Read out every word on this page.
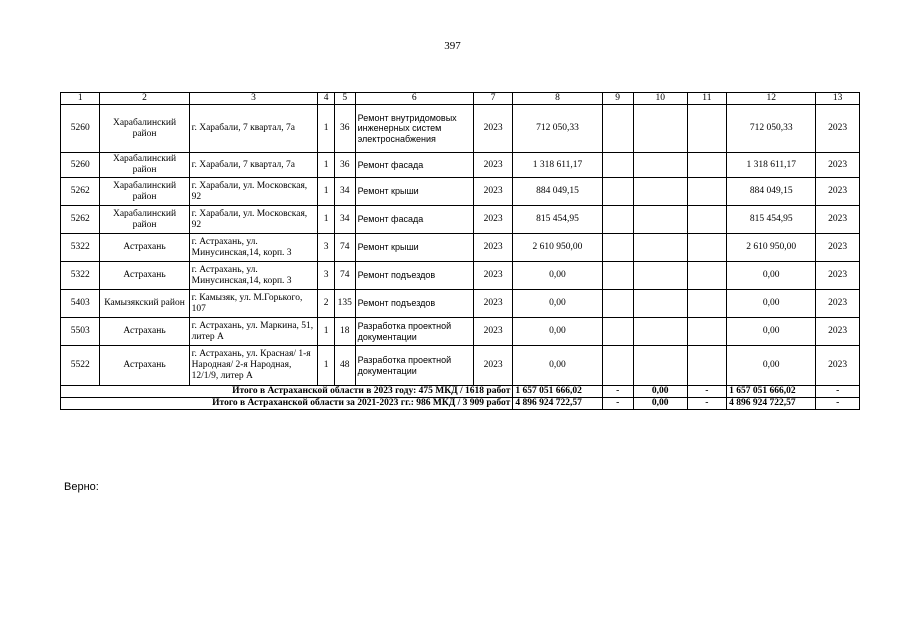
397
1	2	3	4	5	6	7	8	9	10	11	12	13
5260	Харабалинский район	г. Харабали, 7 квартал, 7а	1	36	Ремонт внутридомовых инженерных систем электроснабжения	2023	712 050,33				712 050,33	2023
5260	Харабалинский район	г. Харабали, 7 квартал, 7а	1	36	Ремонт фасада	2023	1 318 611,17				1 318 611,17	2023
5262	Харабалинский район	г. Харабали, ул. Московская, 92	1	34	Ремонт крыши	2023	884 049,15				884 049,15	2023
5262	Харабалинский район	г. Харабали, ул. Московская, 92	1	34	Ремонт фасада	2023	815 454,95				815 454,95	2023
5322	Астрахань	г. Астрахань, ул. Минусинская,14, корп. 3	3	74	Ремонт крыши	2023	2 610 950,00				2 610 950,00	2023
5322	Астрахань	г. Астрахань, ул. Минусинская,14, корп. 3	3	74	Ремонт подъездов	2023	0,00				0,00	2023
5403	Камызякский район	г. Камызяк, ул. М.Горького, 107	2	135	Ремонт подъездов	2023	0,00				0,00	2023
5503	Астрахань	г. Астрахань, ул. Маркина, 51, литер А	1	18	Разработка проектной документации	2023	0,00				0,00	2023
5522	Астрахань	г. Астрахань, ул. Красная/ 1-я Народная/ 2-я Народная, 12/1/9, литер А	1	48	Разработка проектной документации	2023	0,00				0,00	2023
Итого в Астраханской области в 2023 году: 475 МКД / 1618 работ							1 657 051 666,02	-	0,00	-	1 657 051 666,02	-
Итого в Астраханской области за 2021-2023 гг.: 986 МКД / 3 909 работ							4 896 924 722,57	-	0,00	-	4 896 924 722,57	-
Верно:
